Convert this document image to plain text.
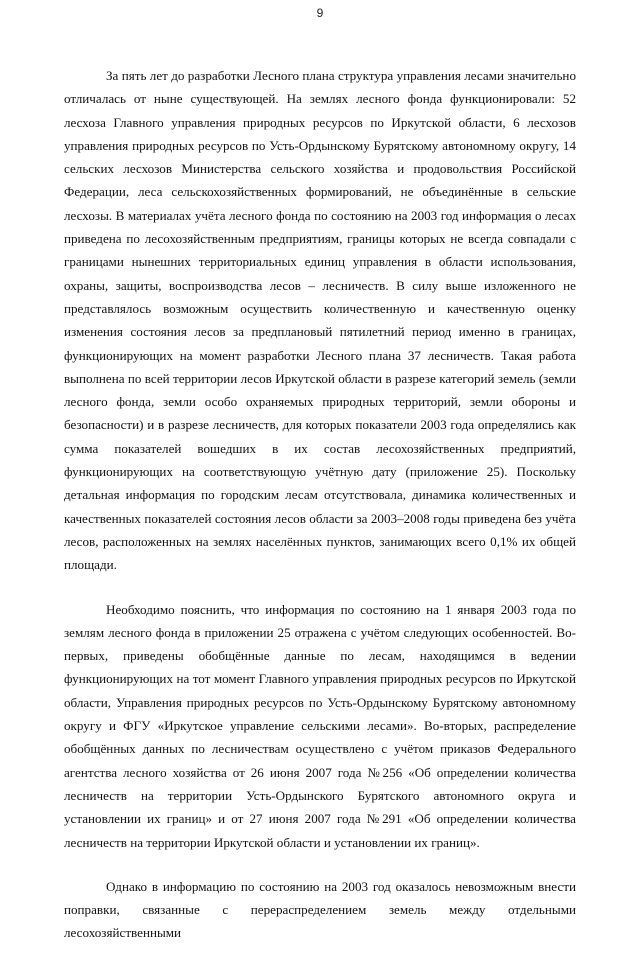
9

За пять лет до разработки Лесного плана структура управления лесами значительно отличалась от ныне существующей. На землях лесного фонда функционировали: 52 лесхоза Главного управления природных ресурсов по Иркутской области, 6 лесхозов управления природных ресурсов по Усть-Ордынскому Бурятскому автономному округу, 14 сельских лесхозов Министерства сельского хозяйства и продовольствия Российской Федерации, леса сельскохозяйственных формирований, не объединённые в сельские лесхозы. В материалах учёта лесного фонда по состоянию на 2003 год информация о лесах приведена по лесохозяйственным предприятиям, границы которых не всегда совпадали с границами нынешних территориальных единиц управления в области использования, охраны, защиты, воспроизводства лесов – лесничеств. В силу выше изложенного не представлялось возможным осуществить количественную и качественную оценку изменения состояния лесов за предплановый пятилетний период именно в границах, функционирующих на момент разработки Лесного плана 37 лесничеств. Такая работа выполнена по всей территории лесов Иркутской области в разрезе категорий земель (земли лесного фонда, земли особо охраняемых природных территорий, земли обороны и безопасности) и в разрезе лесничеств, для которых показатели 2003 года определялись как сумма показателей вошедших в их состав лесохозяйственных предприятий, функционирующих на соответствующую учётную дату (приложение 25). Поскольку детальная информация по городским лесам отсутствовала, динамика количественных и качественных показателей состояния лесов области за 2003–2008 годы приведена без учёта лесов, расположенных на землях населённых пунктов, занимающих всего 0,1% их общей площади.

Необходимо пояснить, что информация по состоянию на 1 января 2003 года по землям лесного фонда в приложении 25 отражена с учётом следующих особенностей. Во-первых, приведены обобщённые данные по лесам, находящимся в ведении функционирующих на тот момент Главного управления природных ресурсов по Иркутской области, Управления природных ресурсов по Усть-Ордынскому Бурятскому автономному округу и ФГУ «Иркутское управление сельскими лесами». Во-вторых, распределение обобщённых данных по лесничествам осуществлено с учётом приказов Федерального агентства лесного хозяйства от 26 июня 2007 года №256 «Об определении количества лесничеств на территории Усть-Ордынского Бурятского автономного округа и установлении их границ» и от 27 июня 2007 года №291 «Об определении количества лесничеств на территории Иркутской области и установлении их границ».

Однако в информацию по состоянию на 2003 год оказалось невозможным внести поправки, связанные с перераспределением земель между отдельными лесохозяйственными
